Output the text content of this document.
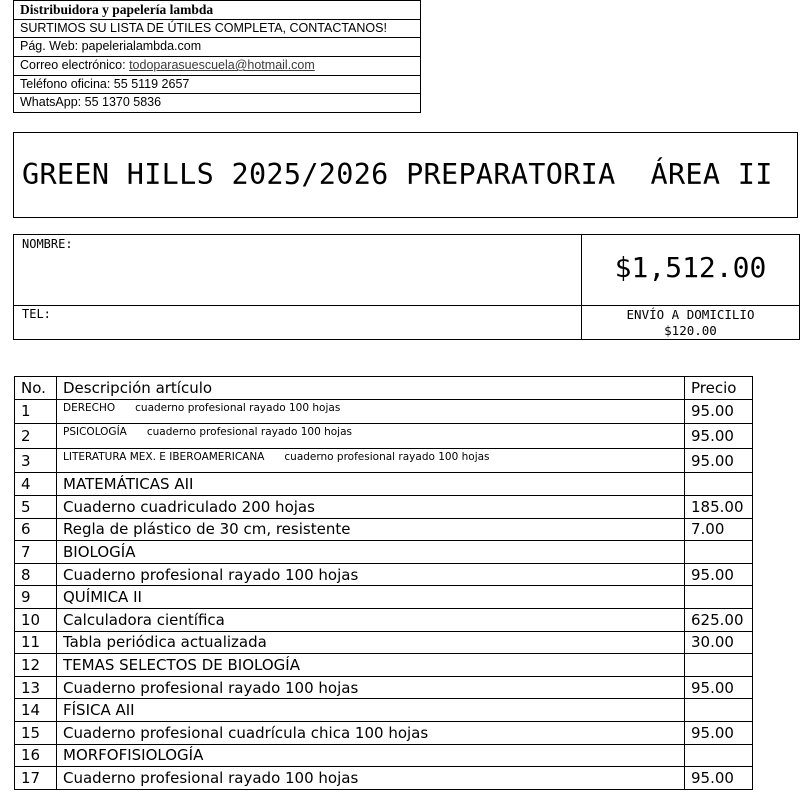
Distribuidora y papelería lambda
SURTIMOS SU LISTA DE ÚTILES COMPLETA, CONTACTANOS!
Pág. Web: papelerialambda.com
Correo electrónico: todoparasuescuela@hotmail.com
Teléfono oficina: 55 5119 2657
WhatsApp: 55 1370 5836
GREEN HILLS 2025/2026 PREPARATORIA  ÁREA II
NOMBRE:
TEL:
$1,512.00
ENVÍO A DOMICILIO
$120.00
No.	Descripción artículo	Precio
1	DERECHO cuaderno profesional rayado 100 hojas	95.00
2	PSICOLOGÍA cuaderno profesional rayado 100 hojas	95.00
3	LITERATURA MEX. E IBEROAMERICANA cuaderno profesional rayado 100 hojas	95.00
4	MATEMÁTICAS AII	
5	Cuaderno cuadriculado 200 hojas	185.00
6	Regla de plástico de 30 cm, resistente	7.00
7	BIOLOGÍA	
8	Cuaderno profesional rayado 100 hojas	95.00
9	QUÍMICA II	
10	Calculadora científica	625.00
11	Tabla periódica actualizada	30.00
12	TEMAS SELECTOS DE BIOLOGÍA	
13	Cuaderno profesional rayado 100 hojas	95.00
14	FÍSICA AII	
15	Cuaderno profesional cuadrícula chica 100 hojas	95.00
16	MORFOFISIOLOGÍA	
17	Cuaderno profesional rayado 100 hojas	95.00
